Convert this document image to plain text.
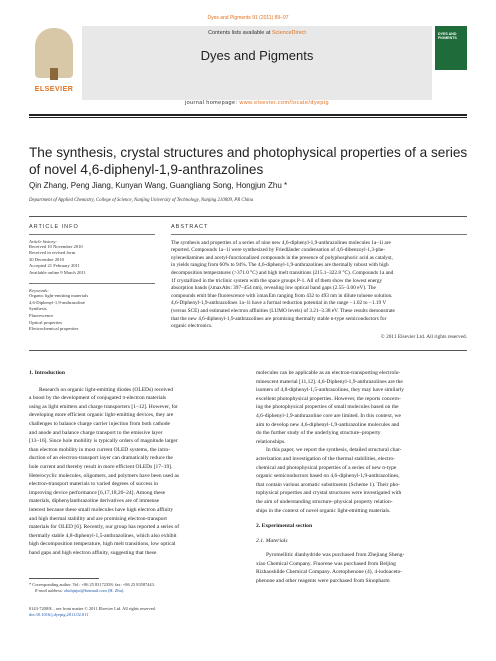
Dyes and Pigments 91 (2011) 89–97
ELSEVIER
Contents lists available at ScienceDirect
Dyes and Pigments
DYES AND PIGMENTS
journal homepage: www.elsevier.com/locate/dyepig
The synthesis, crystal structures and photophysical properties of a series
of novel 4,6-diphenyl-1,9-anthrazolines
Qin Zhang, Peng Jiang, Kunyan Wang, Guangliang Song, Hongjun Zhu *
Department of Applied Chemistry, College of Science, Nanjing University of Technology, Nanjing 210009, PR China
ARTICLE INFO
Article history:
Received 10 November 2010
Received in revised form
30 December 2010
Accepted 21 February 2011
Available online 9 March 2011
Keywords:
Organic light-emitting materials
4,6-Diphenyl-1,9-anthrazoline
Synthesis
Fluorescence
Optical properties
Electrochemical properties
ABSTRACT
The synthesis and properties of a series of nine new 4,6-diphenyl-1,9-anthrazolines molecules 1a–1i are
reported. Compounds 1a–1i were synthesized by Friedländer condensation of 4,6-dibenzoyl-1,3-phe-
nylenediamines and acetyl-functionalized compounds in the presence of polyphosphoric acid as catalyst,
in yields ranging from 60% to 94%. The 4,6-diphenyl-1,9-anthrazolines are thermally robust with high
decomposition temperatures (>371.0 °C) and high melt transitions (215.1–322.8 °C). Compounds 1a and
1f crystallized in the triclinic system with the space groups P-1. All of them show the lowest energy
absorption bands (λmaxAbs: 397–454 nm), revealing low optical band gaps (2.55–3.00 eV). The
compounds emit blue fluorescence with λmaxEm ranging from 432 to 493 nm in dilute toluene solution.
4,6-Diphenyl-1,9-anthrazolines 1a–1i have a formal reduction potential in the range −1.02 to −1.19 V
(versus SCE) and estimated electron affinities (LUMO levels) of 3.21–3.38 eV. These results demonstrate
that the new 4,6-diphenyl-1,9-anthrazolines are promising thermally stable n-type semiconductors for
organic electronics.
© 2011 Elsevier Ltd. All rights reserved.
1. Introduction
Research on organic light-emitting diodes (OLEDs) received
a boost by the development of conjugated π-electron materials
using as light emitters and charge transporters [1–12]. However, for
developing more efficient organic light-emitting devices, they are
challenges to balance charge carrier injection from both cathode
and anode and balance charge transport to the emissive layer
[13–16]. Since hole mobility is typically orders of magnitude larger
than electron mobility in most current OLED systems, the intro-
duction of an electron-transport layer can dramatically reduce the
hole current and thereby result in more efficient OLEDs [17–19].
Heterocyclic molecules, oligomers, and polymers have been used as
electron-transport materials to varied degrees of success in
improving device performance [6,17,18,20–24]. Among these
materials, diphenylanthrazoline derivatives are of immense
interest because these small molecules have high electron affinity
and high thermal stability and are promising electron-transport
materials for OLED [6]. Recently, our group has reported a series of
thermally stable 4,8-diphenyl-1,5-anthrazolines, which also exhibit
high decomposition temperature, high melt transitions, low optical
band gaps and high electron affinity, suggesting that these
molecules can be applicable as an electron-transporting electrolu-
minescent material [11,12]. 4,6-Diphenyl-1,9-anthrazolines are the
isomers of 4,8-diphenyl-1,5-anthrazolines, they may have similarly
excellent photophysical properties. However, the reports concern-
ing the photophysical properties of small molecules based on the
4,6-diphenyl-1,9-anthrazoline core are limited. In this context, we
aim to develop new 4,6-diphenyl-1,9-anthrazoline molecules and
do the further study of the underlying structure–property
relationships.
In this paper, we report the synthesis, detailed structural char-
acterization and investigation of the thermal stabilities, electro-
chemical and photophysical properties of a series of new n-type
organic semiconductors based on 4,6-diphenyl-1,9-anthrazolines,
that contain various aromatic substituents (Scheme 1). Their pho-
tophysical properties and crystal structures were investigated with
the aim of understanding structure–physical property relation-
ships in the context of novel organic light-emitting materials.
2. Experimental section
2.1. Materials
Pyromellitic dianhydride was purchased from Zhejiang Sheng-
xiao Chemical Company. Fluorene was purchased from Beijing
Rizhaoshilde Chemical Company. Acetophenone (4), 4-iodoaceto-
phenone and other reagents were purchased from Sinopharm
* Corresponding author. Tel.: +86 25 83172358; fax: +86 25 83587443.
E-mail address: zhuhjnjut@hotmail.com (H. Zhu).
0143-7208/$ – see front matter © 2011 Elsevier Ltd. All rights reserved.
doi:10.1016/j.dyepig.2011.02.011
